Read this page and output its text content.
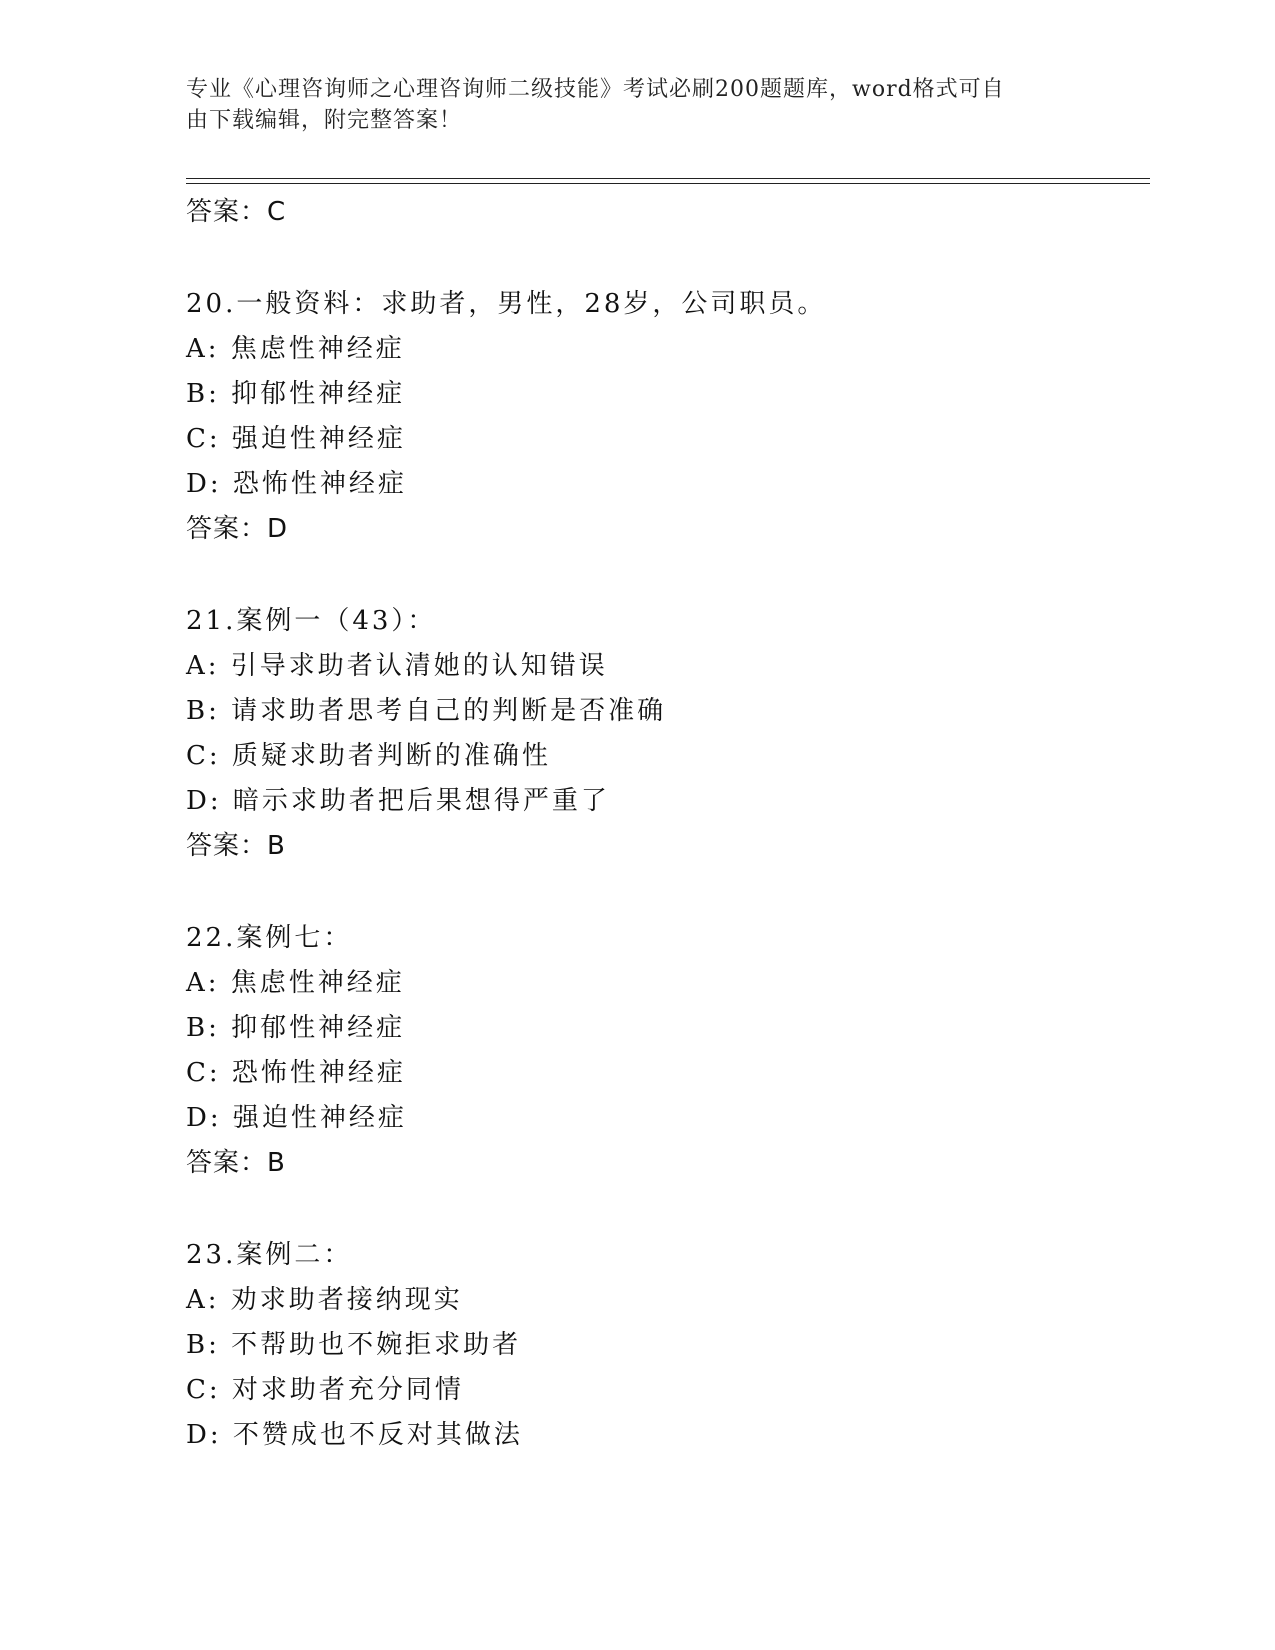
专业《心理咨询师之心理咨询师二级技能》考试必刷200题题库，word格式可自
由下载编辑，附完整答案！
答案：C
20.一般资料：求助者，男性，28岁，公司职员。
A: 焦虑性神经症
B: 抑郁性神经症
C: 强迫性神经症
D: 恐怖性神经症
答案：D
21.案例一（43）：
A: 引导求助者认清她的认知错误
B: 请求助者思考自己的判断是否准确
C: 质疑求助者判断的准确性
D: 暗示求助者把后果想得严重了
答案：B
22.案例七：
A: 焦虑性神经症
B: 抑郁性神经症
C: 恐怖性神经症
D: 强迫性神经症
答案：B
23.案例二：
A: 劝求助者接纳现实
B: 不帮助也不婉拒求助者
C: 对求助者充分同情
D: 不赞成也不反对其做法
